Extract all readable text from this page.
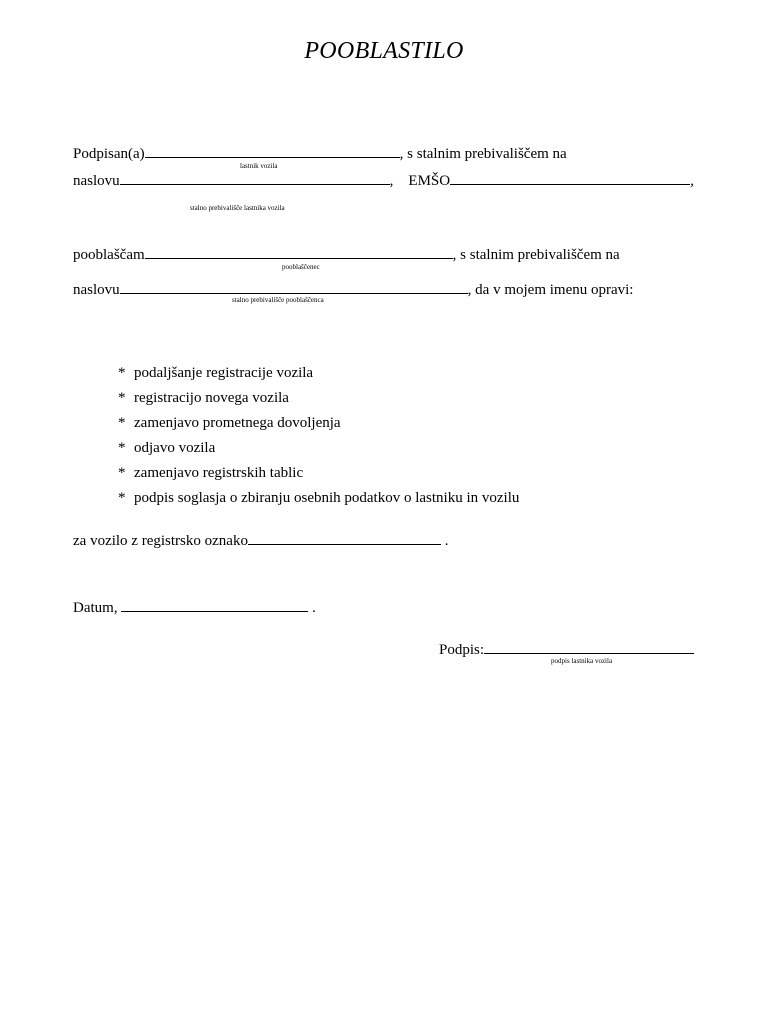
POOBLASTILO
Podpisan(a)	, s stalnim prebivališčem na
lastnik vozila
naslovu	,    EMŠO	,
stalno prebivališče lastnika vozila
pooblaščam	, s stalnim prebivališčem na
pooblaščenec
naslovu	, da v mojem imenu opravi:
stalno prebivališče pooblaščenca
* podaljšanje registracije vozila
* registracijo novega vozila
* zamenjavo prometnega dovoljenja
* odjavo vozila
* zamenjavo registrskih tablic
* podpis soglasja o zbiranju osebnih podatkov o lastniku in vozilu
za vozilo z registrsko oznako	.
Datum,	.
Podpis:
podpis lastnika vozila
